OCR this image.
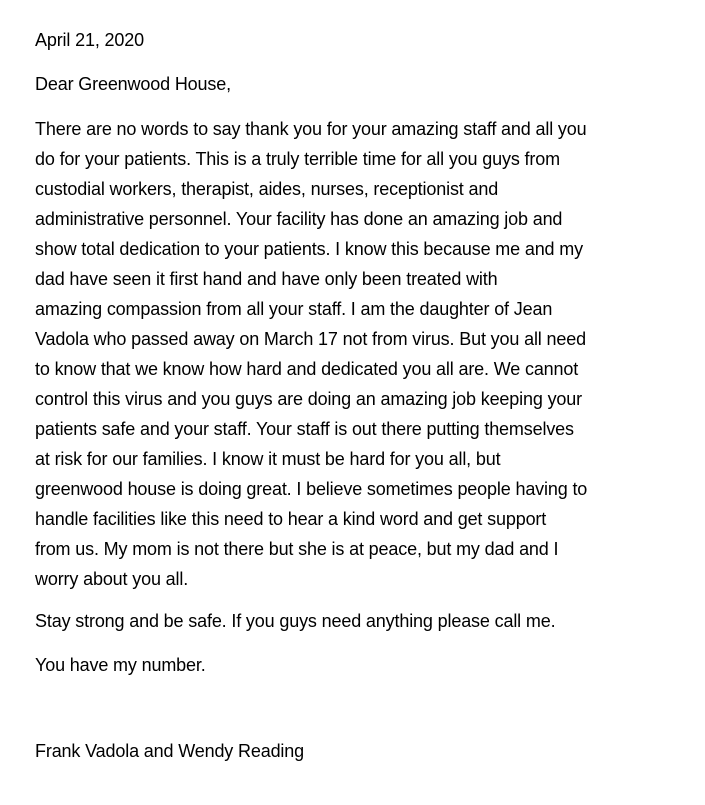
April 21, 2020
Dear Greenwood House,
There are no words to say thank you for your amazing staff and all you
do for your patients. This is a truly terrible time for all you guys from
custodial workers, therapist, aides, nurses, receptionist and
administrative personnel. Your facility has done an amazing job and
show total dedication to your patients. I know this because me and my
dad have seen it first hand and have only been treated with
amazing compassion from all your staff. I am the daughter of Jean
Vadola who passed away on March 17 not from virus. But you all need
to know that we know how hard and dedicated you all are. We cannot
control this virus and you guys are doing an amazing job keeping your
patients safe and your staff. Your staff is out there putting themselves
at risk for our families. I know it must be hard for you all, but
greenwood house is doing great. I believe sometimes people having to
handle facilities like this need to hear a kind word and get support
from us. My mom is not there but she is at peace, but my dad and I
worry about you all.
Stay strong and be safe. If you guys need anything please call me.
You have my number.
Frank Vadola and Wendy Reading
